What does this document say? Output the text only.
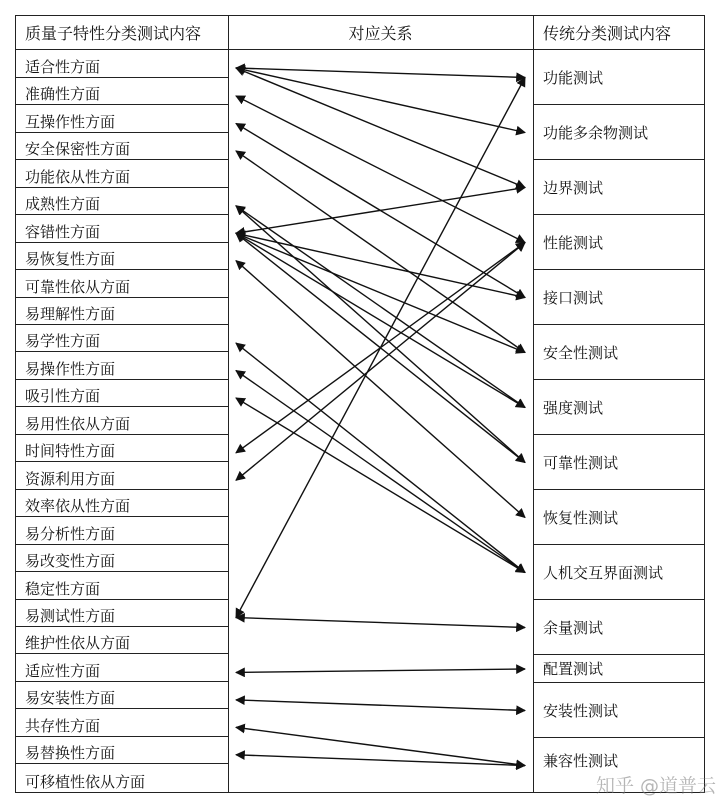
质量子特性分类测试内容	对应关系	传统分类测试内容
适合性方面
准确性方面
互操作性方面
安全保密性方面
功能依从性方面
成熟性方面
容错性方面
易恢复性方面
可靠性依从方面
易理解性方面
易学性方面
易操作性方面
吸引性方面
易用性依从方面
时间特性方面
资源利用方面
效率依从性方面
易分析性方面
易改变性方面
稳定性方面
易测试性方面
维护性依从方面
适应性方面
易安装性方面
共存性方面
易替换性方面
可移植性依从方面
功能测试
功能多余物测试
边界测试
性能测试
接口测试
安全性测试
强度测试
可靠性测试
恢复性测试
人机交互界面测试
余量测试
配置测试
安装性测试
兼容性测试
知乎 @道普云
